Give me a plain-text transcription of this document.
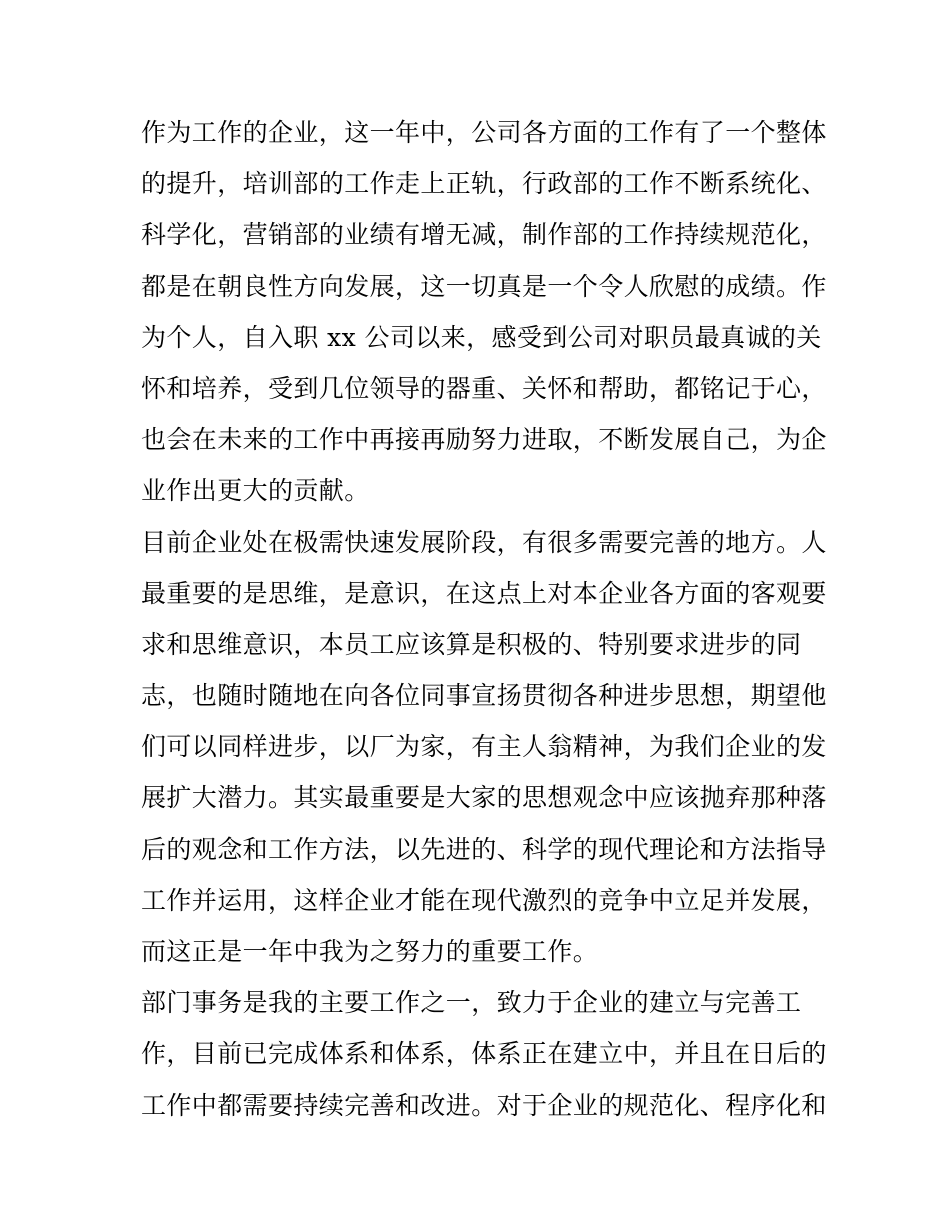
作为工作的企业，这一年中，公司各方面的工作有了一个整体
的提升，培训部的工作走上正轨，行政部的工作不断系统化、
科学化，营销部的业绩有增无减，制作部的工作持续规范化，
都是在朝良性方向发展，这一切真是一个令人欣慰的成绩。作
为个人，自入职 xx 公司以来，感受到公司对职员最真诚的关
怀和培养，受到几位领导的器重、关怀和帮助，都铭记于心，
也会在未来的工作中再接再励努力进取，不断发展自己，为企
业作出更大的贡献。
目前企业处在极需快速发展阶段，有很多需要完善的地方。人
最重要的是思维，是意识，在这点上对本企业各方面的客观要
求和思维意识，本员工应该算是积极的、特别要求进步的同
志，也随时随地在向各位同事宣扬贯彻各种进步思想，期望他
们可以同样进步，以厂为家，有主人翁精神，为我们企业的发
展扩大潜力。其实最重要是大家的思想观念中应该抛弃那种落
后的观念和工作方法，以先进的、科学的现代理论和方法指导
工作并运用，这样企业才能在现代激烈的竞争中立足并发展，
而这正是一年中我为之努力的重要工作。
部门事务是我的主要工作之一，致力于企业的建立与完善工
作，目前已完成体系和体系，体系正在建立中，并且在日后的
工作中都需要持续完善和改进。对于企业的规范化、程序化和
